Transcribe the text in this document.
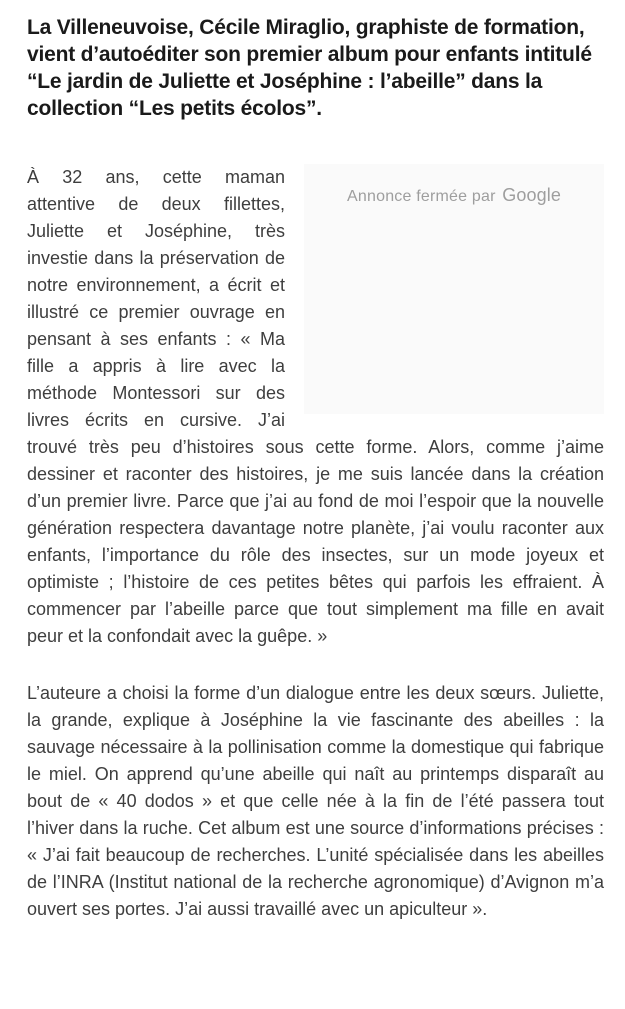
La Villeneuvoise, Cécile Miraglio, graphiste de formation, vient d’autoéditer son premier album pour enfants intitulé “Le jardin de Juliette et Joséphine : l’abeille” dans la collection “Les petits écolos”.
Annonce fermée par Google

À 32 ans, cette maman attentive de deux fillettes, Juliette et Joséphine, très investie dans la préservation de notre environnement, a écrit et illustré ce premier ouvrage en pensant à ses enfants : « Ma fille a appris à lire avec la méthode Montessori sur des livres écrits en cursive. J’ai trouvé très peu d’histoires sous cette forme. Alors, comme j’aime dessiner et raconter des histoires, je me suis lancée dans la création d’un premier livre. Parce que j’ai au fond de moi l’espoir que la nouvelle génération respectera davantage notre planète, j’ai voulu raconter aux enfants, l’importance du rôle des insectes, sur un mode joyeux et optimiste ; l’histoire de ces petites bêtes qui parfois les effraient. À commencer par l’abeille parce que tout simplement ma fille en avait peur et la confondait avec la guêpe. »

L’auteure a choisi la forme d’un dialogue entre les deux sœurs. Juliette, la grande, explique à Joséphine la vie fascinante des abeilles : la sauvage nécessaire à la pollinisation comme la domestique qui fabrique le miel. On apprend qu’une abeille qui naît au printemps disparaît au bout de « 40 dodos » et que celle née à la fin de l’été passera tout l’hiver dans la ruche. Cet album est une source d’informations précises : « J’ai fait beaucoup de recherches. L’unité spécialisée dans les abeilles de l’INRA (Institut national de la recherche agronomique) d’Avignon m’a ouvert ses portes. J’ai aussi travaillé avec un apiculteur ».
